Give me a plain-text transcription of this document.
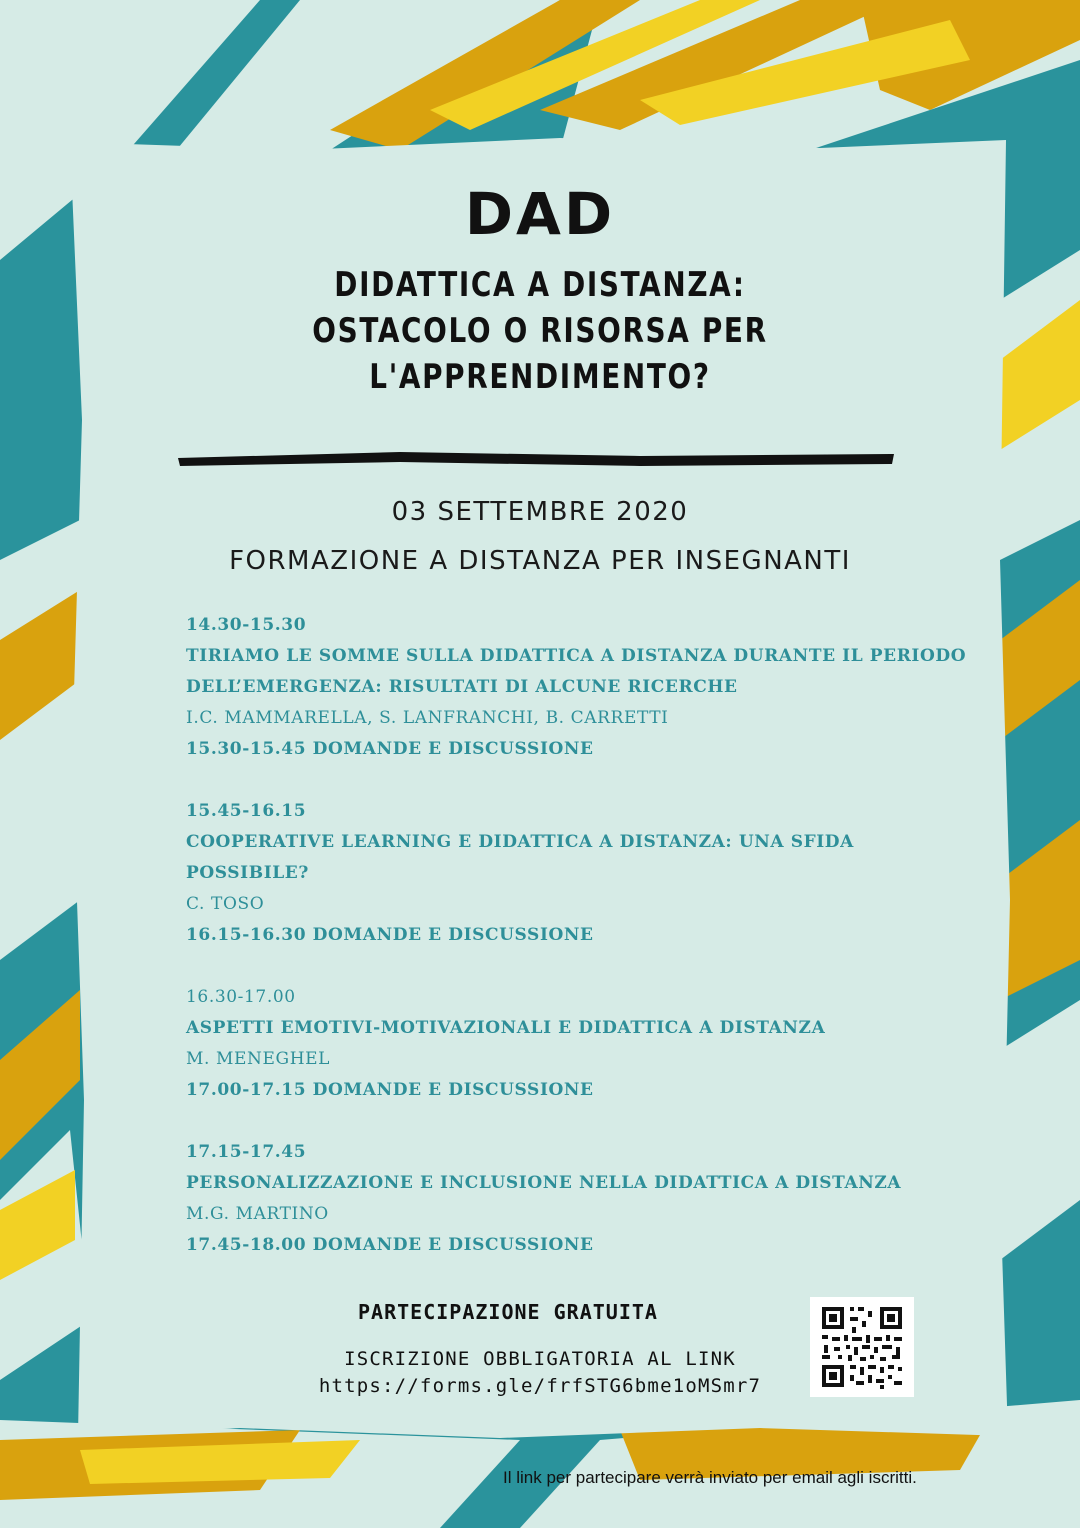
DAD
DIDATTICA A DISTANZA:
OSTACOLO O RISORSA PER
L'APPRENDIMENTO?
03 SETTEMBRE 2020
FORMAZIONE A DISTANZA PER INSEGNANTI
14.30-15.30
TIRIAMO LE SOMME SULLA DIDATTICA A DISTANZA DURANTE IL PERIODO
DELL’EMERGENZA: RISULTATI DI ALCUNE RICERCHE
I.C. MAMMARELLA, S. LANFRANCHI, B. CARRETTI
15.30-15.45 DOMANDE E DISCUSSIONE
15.45-16.15
COOPERATIVE LEARNING E DIDATTICA A DISTANZA: UNA SFIDA
POSSIBILE?
C. TOSO
16.15-16.30 DOMANDE E DISCUSSIONE
16.30-17.00
ASPETTI EMOTIVI-MOTIVAZIONALI E DIDATTICA A DISTANZA
M. MENEGHEL
17.00-17.15 DOMANDE E DISCUSSIONE
17.15-17.45
PERSONALIZZAZIONE E INCLUSIONE NELLA DIDATTICA A DISTANZA
M.G. MARTINO
17.45-18.00 DOMANDE E DISCUSSIONE
PARTECIPAZIONE GRATUITA
ISCRIZIONE OBBLIGATORIA AL LINK
https://forms.gle/frfSTG6bme1oMSmr7
Il link per partecipare verrà inviato per email agli iscritti.
